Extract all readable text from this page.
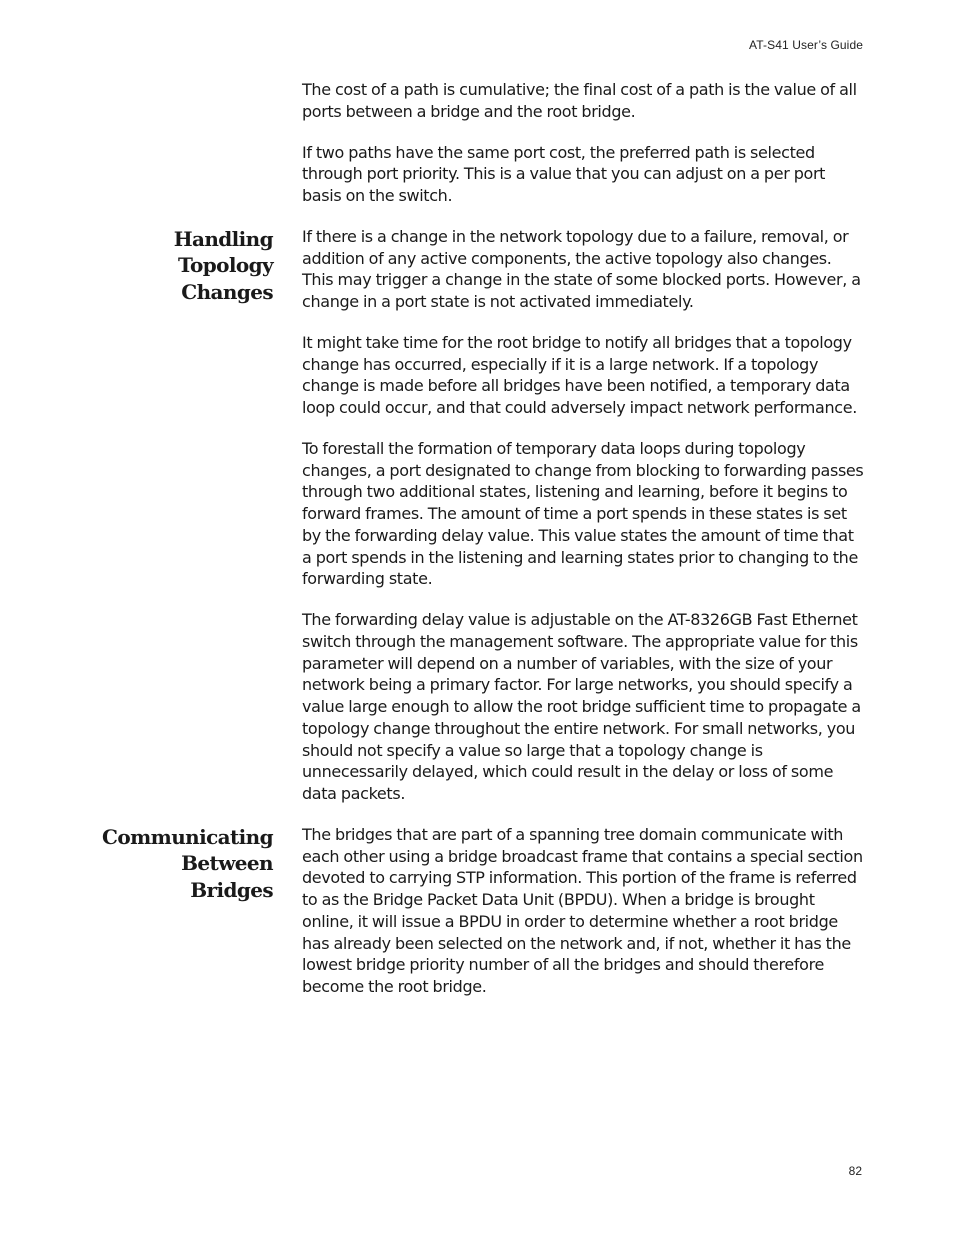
AT-S41 User’s Guide

The cost of a path is cumulative; the final cost of a path is the value of all ports between a bridge and the root bridge.

If two paths have the same port cost, the preferred path is selected through port priority. This is a value that you can adjust on a per port basis on the switch.

Handling
Topology
Changes

If there is a change in the network topology due to a failure, removal, or addition of any active components, the active topology also changes. This may trigger a change in the state of some blocked ports. However, a change in a port state is not activated immediately.

It might take time for the root bridge to notify all bridges that a topology change has occurred, especially if it is a large network. If a topology change is made before all bridges have been notified, a temporary data loop could occur, and that could adversely impact network performance.

To forestall the formation of temporary data loops during topology changes, a port designated to change from blocking to forwarding passes through two additional states, listening and learning, before it begins to forward frames. The amount of time a port spends in these states is set by the forwarding delay value. This value states the amount of time that a port spends in the listening and learning states prior to changing to the forwarding state.

The forwarding delay value is adjustable on the AT-8326GB Fast Ethernet switch through the management software. The appropriate value for this parameter will depend on a number of variables, with the size of your network being a primary factor. For large networks, you should specify a value large enough to allow the root bridge sufficient time to propagate a topology change throughout the entire network. For small networks, you should not specify a value so large that a topology change is unnecessarily delayed, which could result in the delay or loss of some data packets.

Communicating
Between
Bridges

The bridges that are part of a spanning tree domain communicate with each other using a bridge broadcast frame that contains a special section devoted to carrying STP information. This portion of the frame is referred to as the Bridge Packet Data Unit (BPDU). When a bridge is brought online, it will issue a BPDU in order to determine whether a root bridge has already been selected on the network and, if not, whether it has the lowest bridge priority number of all the bridges and should therefore become the root bridge.

82
